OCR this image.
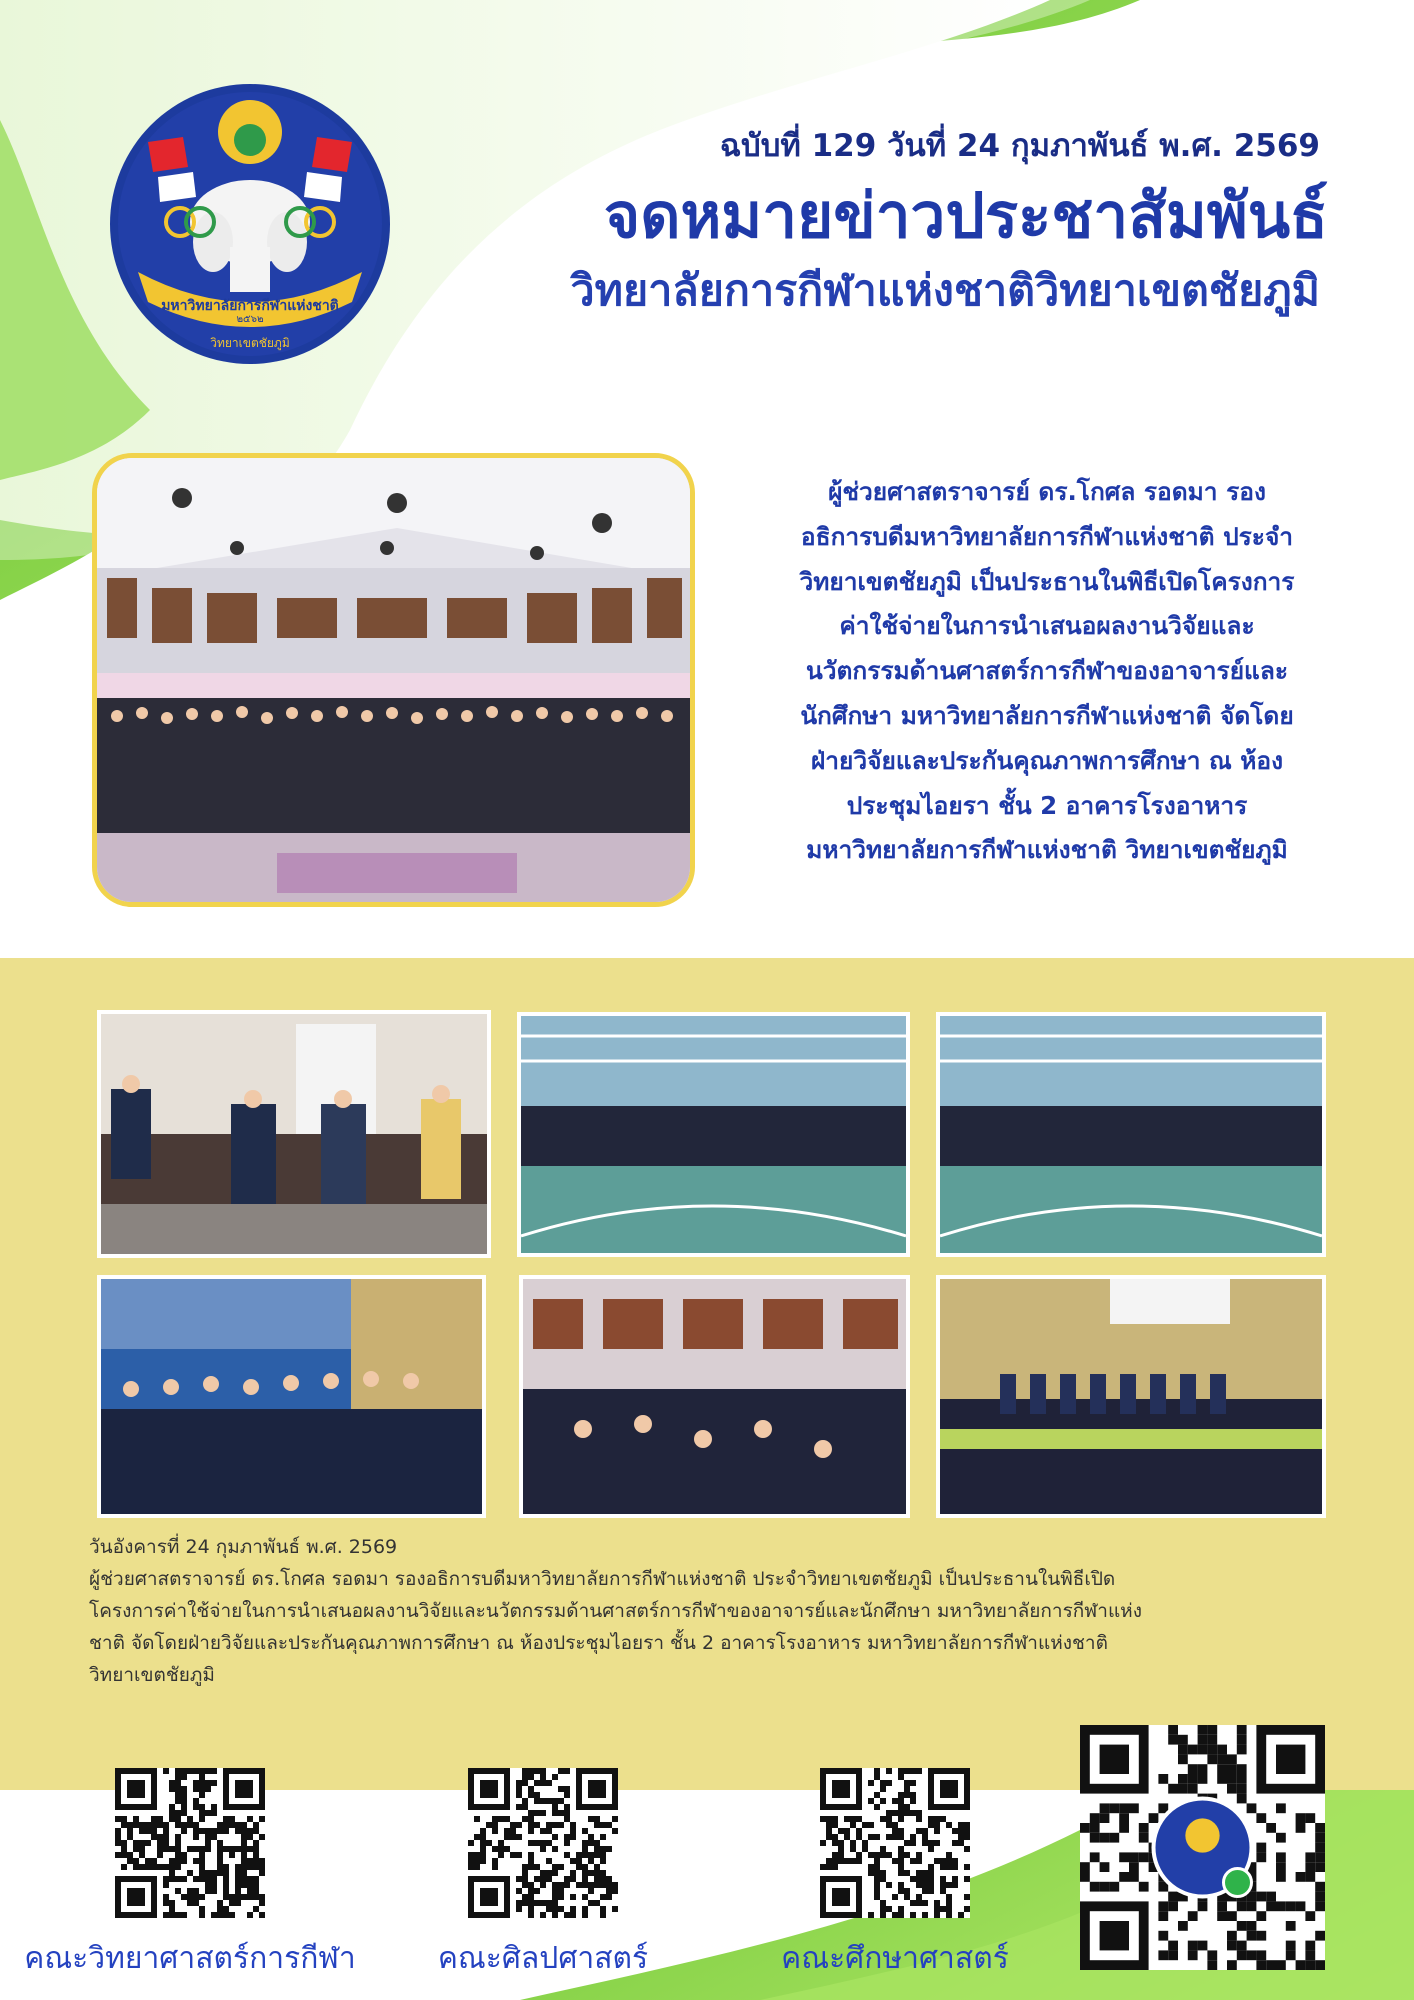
มหาวิทยาลัยการกีฬาแห่งชาติ
๒๕๖๒
วิทยาเขตชัยภูมิ
ฉบับที่ 129 วันที่ 24 กุมภาพันธ์ พ.ศ. 2569
จดหมายข่าวประชาสัมพันธ์
วิทยาลัยการกีฬาแห่งชาติวิทยาเขตชัยภูมิ
ผู้ช่วยศาสตราจารย์ ดร.โกศล รอดมา รอง
อธิการบดีมหาวิทยาลัยการกีฬาแห่งชาติ ประจำ
วิทยาเขตชัยภูมิ เป็นประธานในพิธีเปิดโครงการ
ค่าใช้จ่ายในการนำเสนอผลงานวิจัยและ
นวัตกรรมด้านศาสตร์การกีฬาของอาจารย์และ
นักศึกษา มหาวิทยาลัยการกีฬาแห่งชาติ จัดโดย
ฝ่ายวิจัยและประกันคุณภาพการศึกษา ณ ห้อง
ประชุมไอยรา ชั้น 2 อาคารโรงอาหาร
มหาวิทยาลัยการกีฬาแห่งชาติ วิทยาเขตชัยภูมิ
วันอังคารที่ 24 กุมภาพันธ์ พ.ศ. 2569
ผู้ช่วยศาสตราจารย์ ดร.โกศล รอดมา รองอธิการบดีมหาวิทยาลัยการกีฬาแห่งชาติ ประจำวิทยาเขตชัยภูมิ เป็นประธานในพิธีเปิด
โครงการค่าใช้จ่ายในการนำเสนอผลงานวิจัยและนวัตกรรมด้านศาสตร์การกีฬาของอาจารย์และนักศึกษา มหาวิทยาลัยการกีฬาแห่ง
ชาติ จัดโดยฝ่ายวิจัยและประกันคุณภาพการศึกษา ณ ห้องประชุมไอยรา ชั้น 2 อาคารโรงอาหาร มหาวิทยาลัยการกีฬาแห่งชาติ
วิทยาเขตชัยภูมิ
คณะวิทยาศาสตร์การกีฬา	คณะศิลปศาสตร์	คณะศึกษาศาสตร์
